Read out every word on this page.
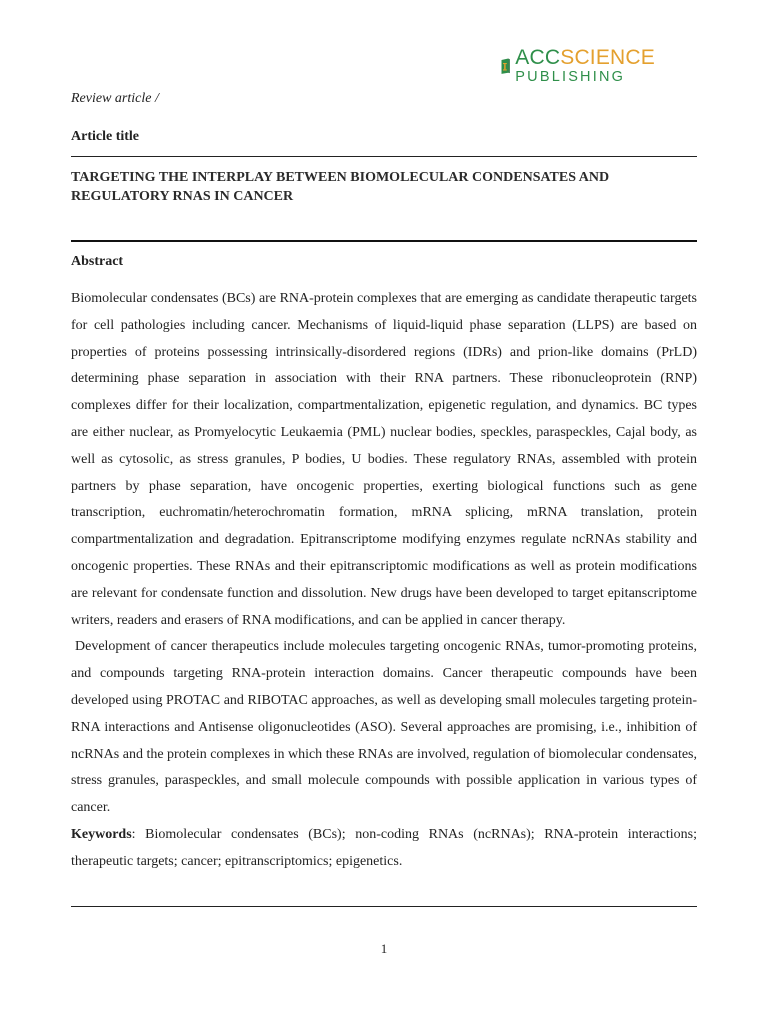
ACCSCIENCE
PUBLISHING
Review article /
Article title
TARGETING THE INTERPLAY BETWEEN BIOMOLECULAR CONDENSATES AND REGULATORY RNAS IN CANCER
Abstract

Biomolecular condensates (BCs) are RNA-protein complexes that are emerging as candidate therapeutic targets for cell pathologies including cancer. Mechanisms of liquid-liquid phase separation (LLPS) are based on properties of proteins possessing intrinsically-disordered regions (IDRs) and prion-like domains (PrLD) determining phase separation in association with their RNA partners. These ribonucleoprotein (RNP) complexes differ for their localization, compartmentalization, epigenetic regulation, and dynamics. BC types are either nuclear, as Promyelocytic Leukaemia (PML) nuclear bodies, speckles, paraspeckles, Cajal body, as well as cytosolic, as stress granules, P bodies, U bodies. These regulatory RNAs, assembled with protein partners by phase separation, have oncogenic properties, exerting biological functions such as gene transcription, euchromatin/heterochromatin formation, mRNA splicing, mRNA translation, protein compartmentalization and degradation. Epitranscriptome modifying enzymes regulate ncRNAs stability and oncogenic properties. These RNAs and their epitranscriptomic modifications as well as protein modifications are relevant for condensate function and dissolution. New drugs have been developed to target epitanscriptome writers, readers and erasers of RNA modifications, and can be applied in cancer therapy.

Development of cancer therapeutics include molecules targeting oncogenic RNAs, tumor-promoting proteins, and compounds targeting RNA-protein interaction domains. Cancer therapeutic compounds have been developed using PROTAC and RIBOTAC approaches, as well as developing small molecules targeting protein-RNA interactions and Antisense oligonucleotides (ASO). Several approaches are promising, i.e., inhibition of ncRNAs and the protein complexes in which these RNAs are involved, regulation of biomolecular condensates, stress granules, paraspeckles, and small molecule compounds with possible application in various types of cancer.

Keywords: Biomolecular condensates (BCs); non-coding RNAs (ncRNAs); RNA-protein interactions; therapeutic targets; cancer; epitranscriptomics; epigenetics.

1
